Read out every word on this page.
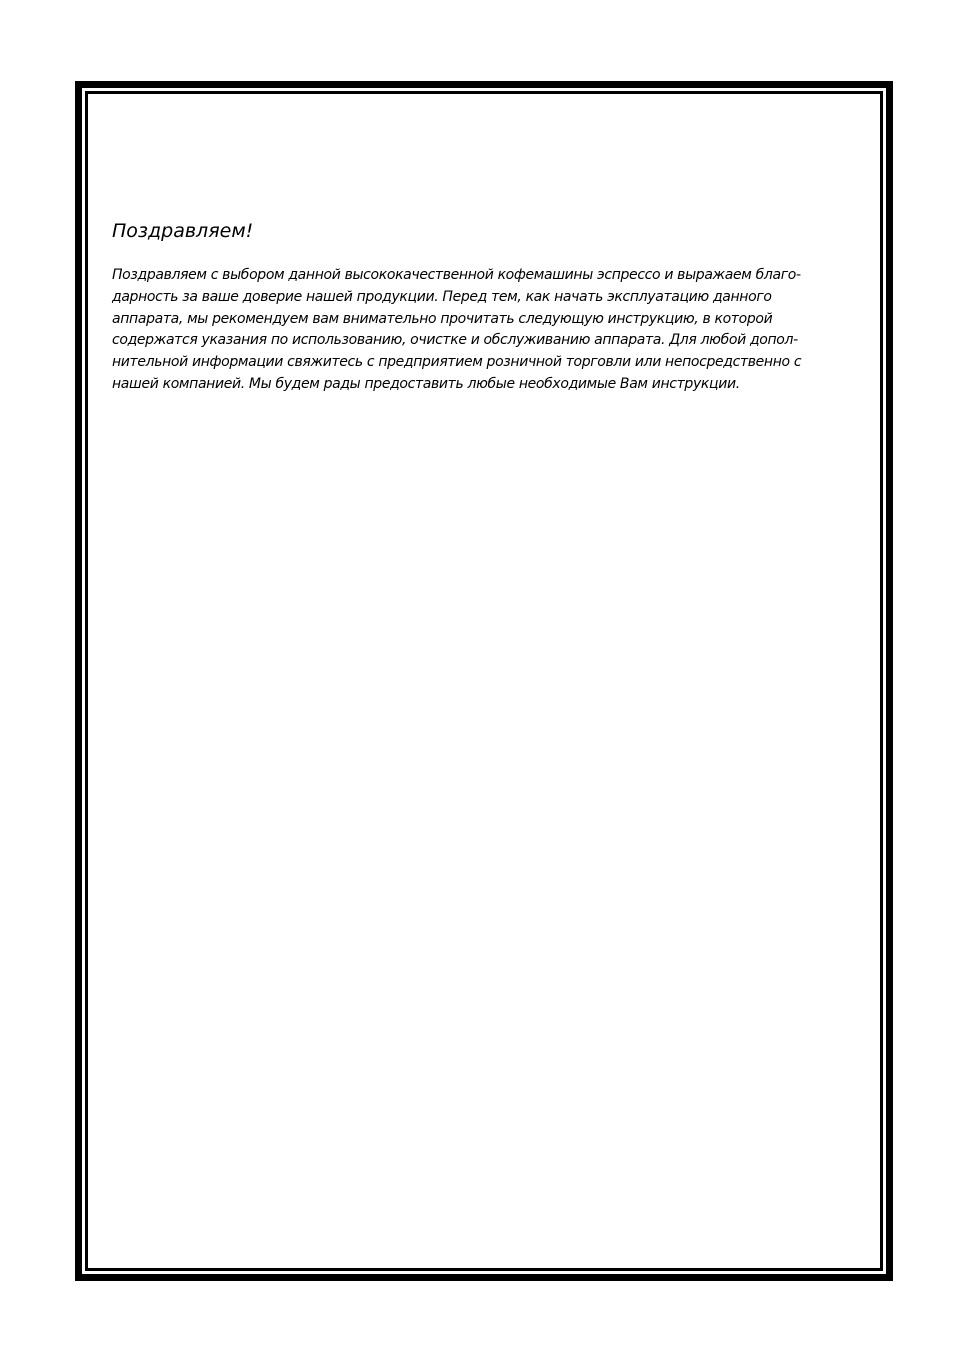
Поздравляем!

Поздравляем с выбором данной высококачественной кофемашины эспрессо и выражаем благо-
дарность за ваше доверие нашей продукции. Перед тем, как начать эксплуатацию данного
аппарата, мы рекомендуем вам внимательно прочитать следующую инструкцию, в которой
содержатся указания по использованию, очистке и обслуживанию аппарата. Для любой допол-
нительной информации свяжитесь с предприятием розничной торговли или непосредственно с
нашей компанией. Мы будем рады предоставить любые необходимые Вам инструкции.
